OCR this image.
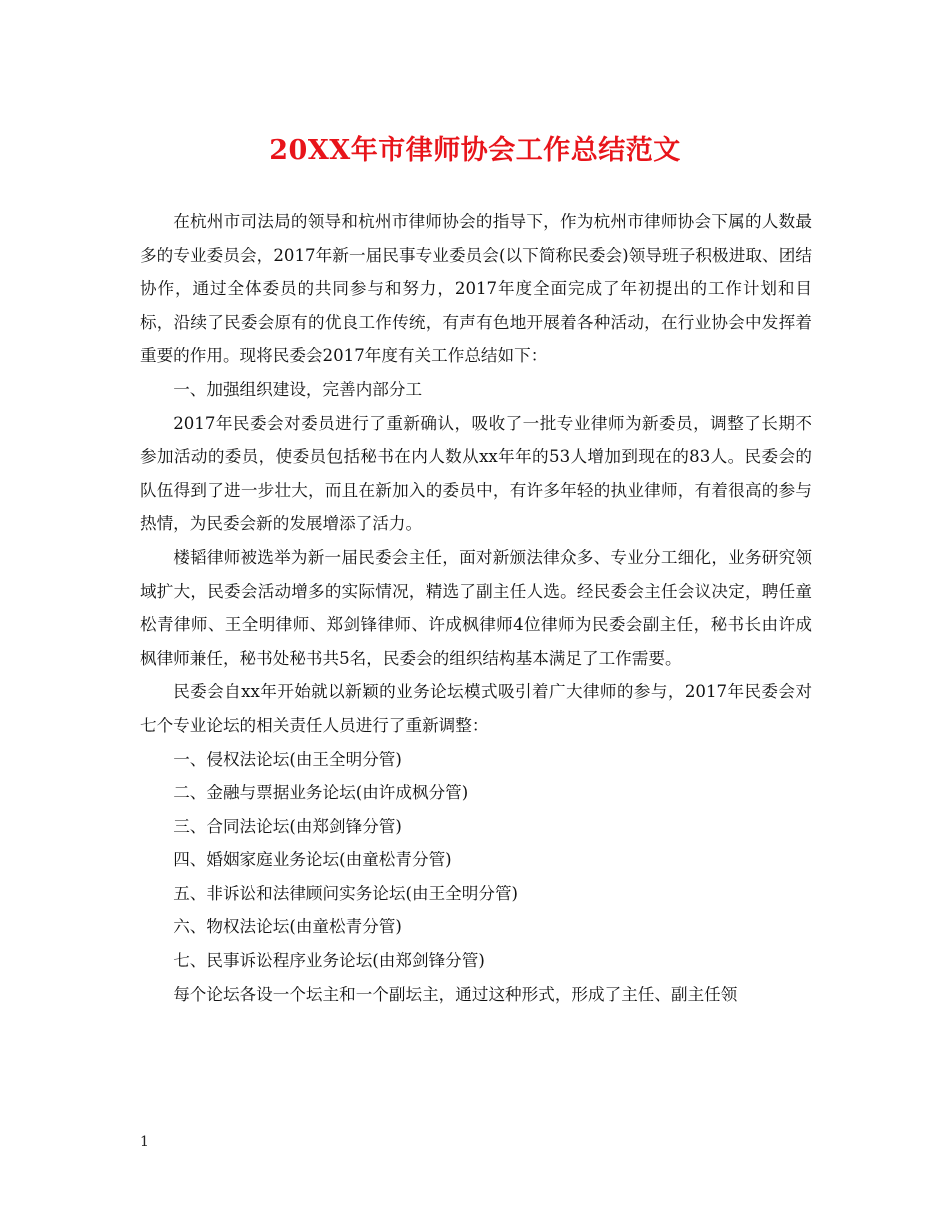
20XX年市律师协会工作总结范文

在杭州市司法局的领导和杭州市律师协会的指导下，作为杭州市律师协会下属的人数最多的专业委员会，2017年新一届民事专业委员会(以下简称民委会)领导班子积极进取、团结协作，通过全体委员的共同参与和努力，2017年度全面完成了年初提出的工作计划和目标，沿续了民委会原有的优良工作传统，有声有色地开展着各种活动，在行业协会中发挥着重要的作用。现将民委会2017年度有关工作总结如下：

一、加强组织建设，完善内部分工

2017年民委会对委员进行了重新确认，吸收了一批专业律师为新委员，调整了长期不参加活动的委员，使委员包括秘书在内人数从xx年年的53人增加到现在的83人。民委会的队伍得到了进一步壮大，而且在新加入的委员中，有许多年轻的执业律师，有着很高的参与热情，为民委会新的发展增添了活力。

楼韬律师被选举为新一届民委会主任，面对新颁法律众多、专业分工细化，业务研究领域扩大，民委会活动增多的实际情况，精选了副主任人选。经民委会主任会议决定，聘任童松青律师、王全明律师、郑剑锋律师、许成枫律师4位律师为民委会副主任，秘书长由许成枫律师兼任，秘书处秘书共5名，民委会的组织结构基本满足了工作需要。

民委会自xx年开始就以新颖的业务论坛模式吸引着广大律师的参与，2017年民委会对七个专业论坛的相关责任人员进行了重新调整：

一、侵权法论坛(由王全明分管)

二、金融与票据业务论坛(由许成枫分管)

三、合同法论坛(由郑剑锋分管)

四、婚姻家庭业务论坛(由童松青分管)

五、非诉讼和法律顾问实务论坛(由王全明分管)

六、物权法论坛(由童松青分管)

七、民事诉讼程序业务论坛(由郑剑锋分管)

每个论坛各设一个坛主和一个副坛主，通过这种形式，形成了主任、副主任领

1
